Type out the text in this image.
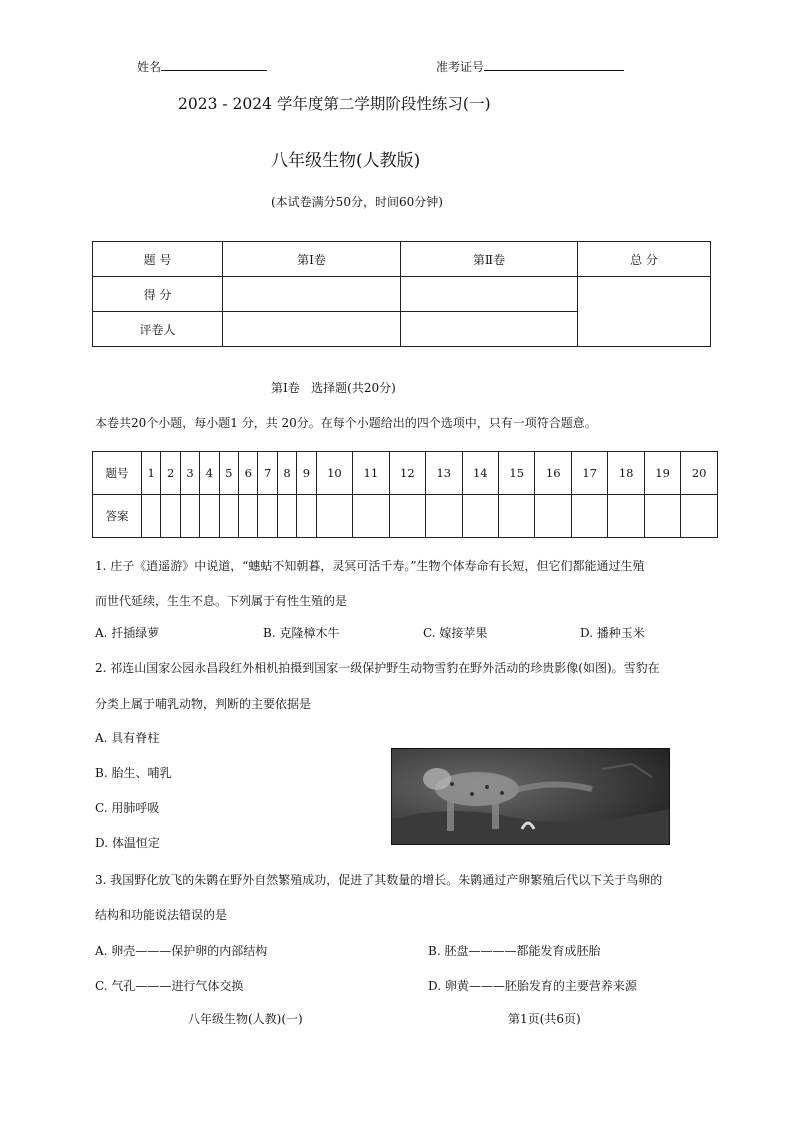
姓名	准考证号
2023 - 2024 学年度第二学期阶段性练习(一)
八年级生物(人教版)
(本试卷满分50分，时间60分钟)
题 号	第Ⅰ卷	第Ⅱ卷	总 分
得 分			
评卷人			
第Ⅰ卷   选择题(共20分)
本卷共20个小题，每小题1 分，共 20分。在每个小题给出的四个选项中，只有一项符合题意。
题号	1	2	3	4	5	6	7	8	9	10	11	12	13	14	15	16	17	18	19	20
答案																				
1. 庄子《逍遥游》中说道，“蟪蛄不知朝暮，灵冥可活千寿。”生物个体寿命有长短，但它们都能通过生殖
而世代延续，生生不息。下列属于有性生殖的是
A. 扦插绿萝	B. 克隆樟木牛	C. 嫁接苹果	D. 播种玉米
2. 祁连山国家公园永昌段红外相机拍摄到国家一级保护野生动物雪豹在野外活动的珍贵影像(如图)。雪豹在
分类上属于哺乳动物，判断的主要依据是
A. 具有脊柱
B. 胎生、哺乳
C. 用肺呼吸
D. 体温恒定
3. 我国野化放飞的朱鹮在野外自然繁殖成功，促进了其数量的增长。朱鹮通过产卵繁殖后代以下关于鸟卵的
结构和功能说法错误的是
A. 卵壳———保护卵的内部结构	B. 胚盘————都能发育成胚胎
C. 气孔———进行气体交换	D. 卵黄———胚胎发育的主要营养来源
八年级生物(人教)(一)	第1页(共6页)
